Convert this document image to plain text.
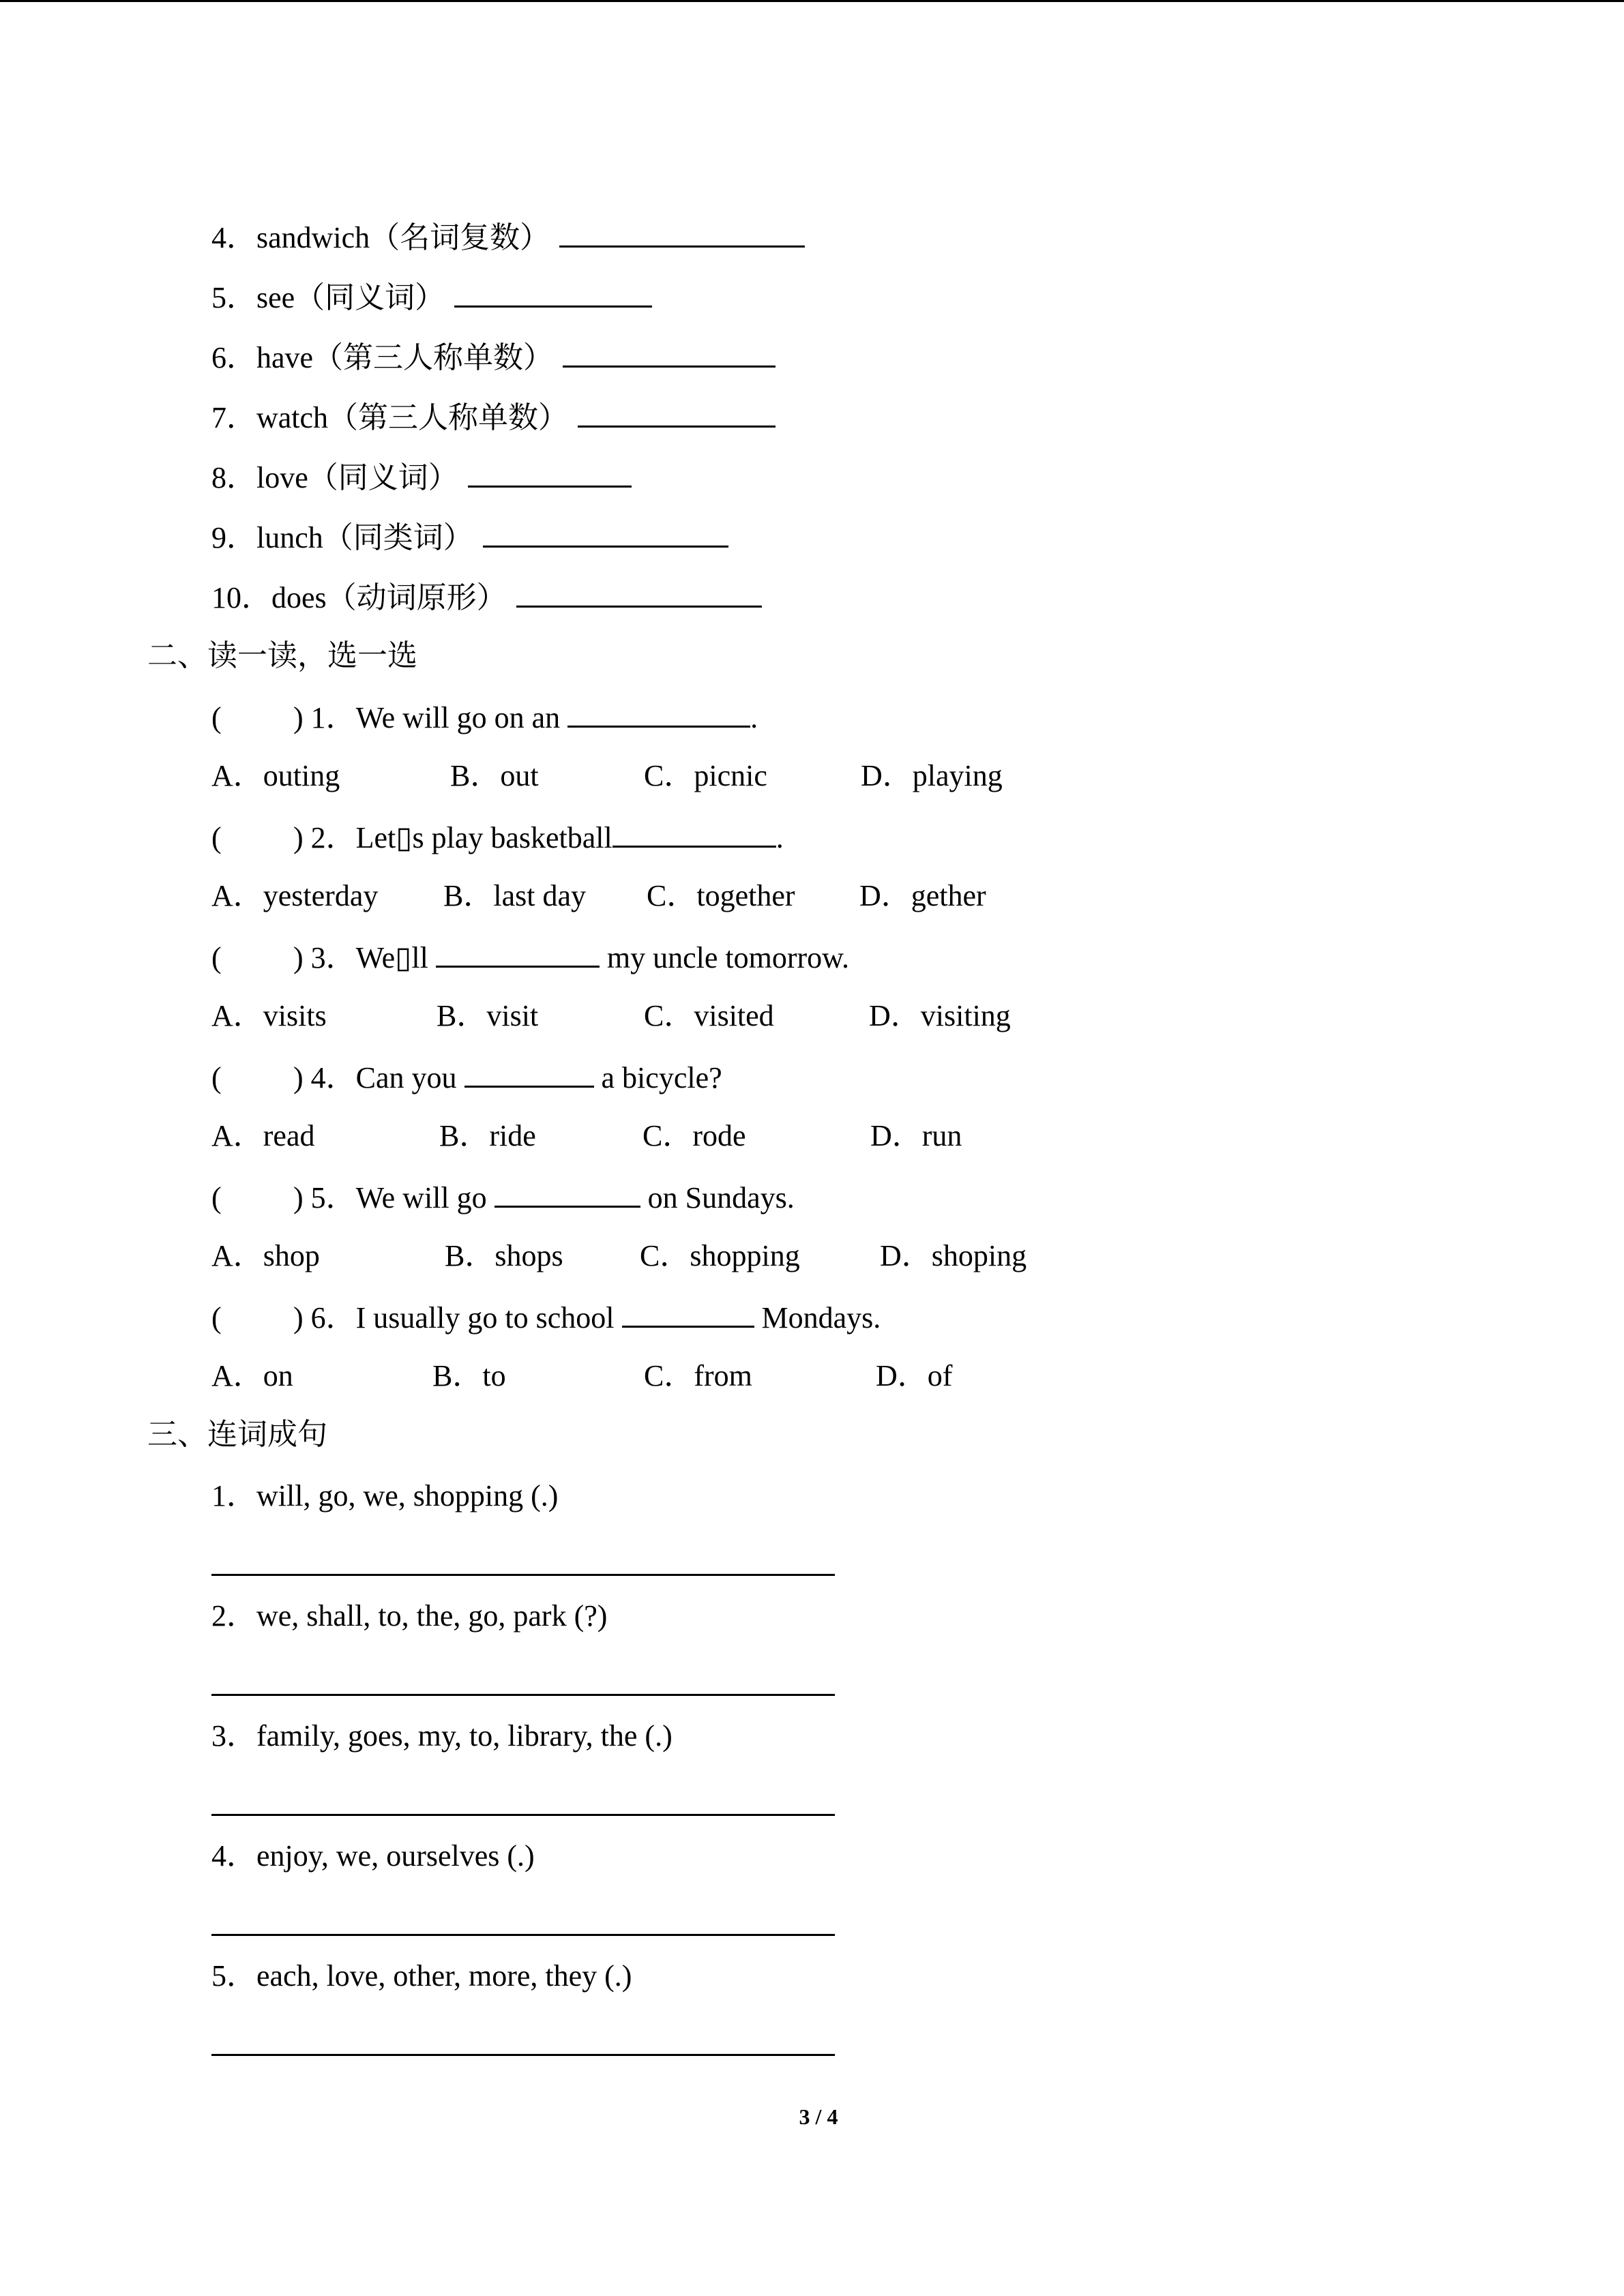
4．sandwich（名词复数）
5．see（同义词）
6．have（第三人称单数）
7．watch（第三人称单数）
8．love（同义词）
9．lunch（同类词）
10．does（动词原形）
二、读一读，选一选
( ) 1．We will go on an	.
A．outing	B．out	C．picnic	D．playing
( ) 2．Let▯s play basketball	.
A．yesterday B．last day C．together D．gether
( ) 3．We▯ll	my uncle tomorrow.
A．visits	B．visit	C．visited	D．visiting
( ) 4．Can you	a bicycle?
A．read	B．ride	C．rode	D．run
( ) 5．We will go	on Sundays.
A．shop	B．shops	C．shopping	D．shoping
( ) 6．I usually go to school	Mondays.
A．on	B．to	C．from	D．of
三、连词成句
1．will, go, we, shopping (.)
2．we, shall, to, the, go, park (?)
3．family, goes, my, to, library, the (.)
4．enjoy, we, ourselves (.)
5．each, love, other, more, they (.)
3 / 4
